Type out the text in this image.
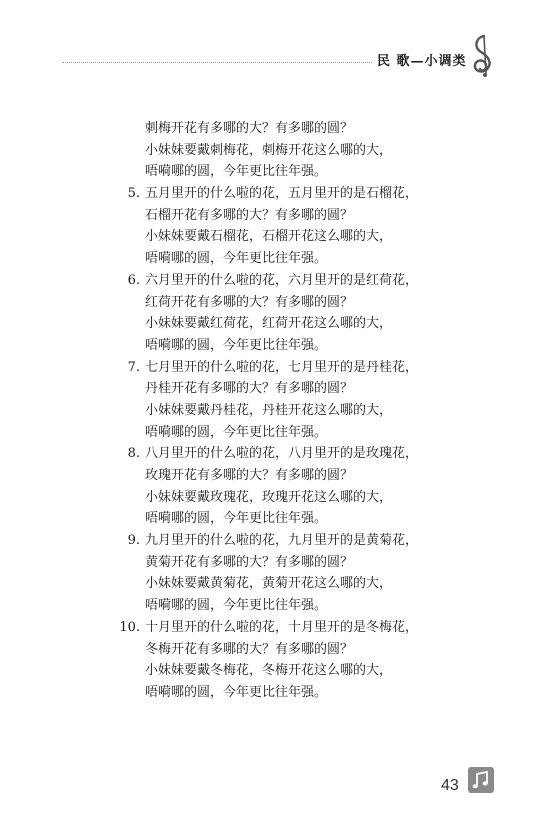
民 歌—小调类
刺梅开花有多哪的大？有多哪的圆？
小妹妹要戴刺梅花，刺梅开花这么哪的大，
唔嗬哪的圆，今年更比往年强。
5. 五月里开的什么啦的花，五月里开的是石榴花，
石榴开花有多哪的大？有多哪的圆？
小妹妹要戴石榴花，石榴开花这么哪的大，
唔嗬哪的圆，今年更比往年强。
6. 六月里开的什么啦的花，六月里开的是红荷花，
红荷开花有多哪的大？有多哪的圆？
小妹妹要戴红荷花，红荷开花这么哪的大，
唔嗬哪的圆，今年更比往年强。
7. 七月里开的什么啦的花，七月里开的是丹桂花，
丹桂开花有多哪的大？有多哪的圆？
小妹妹要戴丹桂花，丹桂开花这么哪的大，
唔嗬哪的圆，今年更比往年强。
8. 八月里开的什么啦的花，八月里开的是玫瑰花，
玫瑰开花有多哪的大？有多哪的圆？
小妹妹要戴玫瑰花，玫瑰开花这么哪的大，
唔嗬哪的圆，今年更比往年强。
9. 九月里开的什么啦的花，九月里开的是黄菊花，
黄菊开花有多哪的大？有多哪的圆？
小妹妹要戴黄菊花，黄菊开花这么哪的大，
唔嗬哪的圆，今年更比往年强。
10. 十月里开的什么啦的花，十月里开的是冬梅花，
冬梅开花有多哪的大？有多哪的圆？
小妹妹要戴冬梅花，冬梅开花这么哪的大，
唔嗬哪的圆，今年更比往年强。
43
